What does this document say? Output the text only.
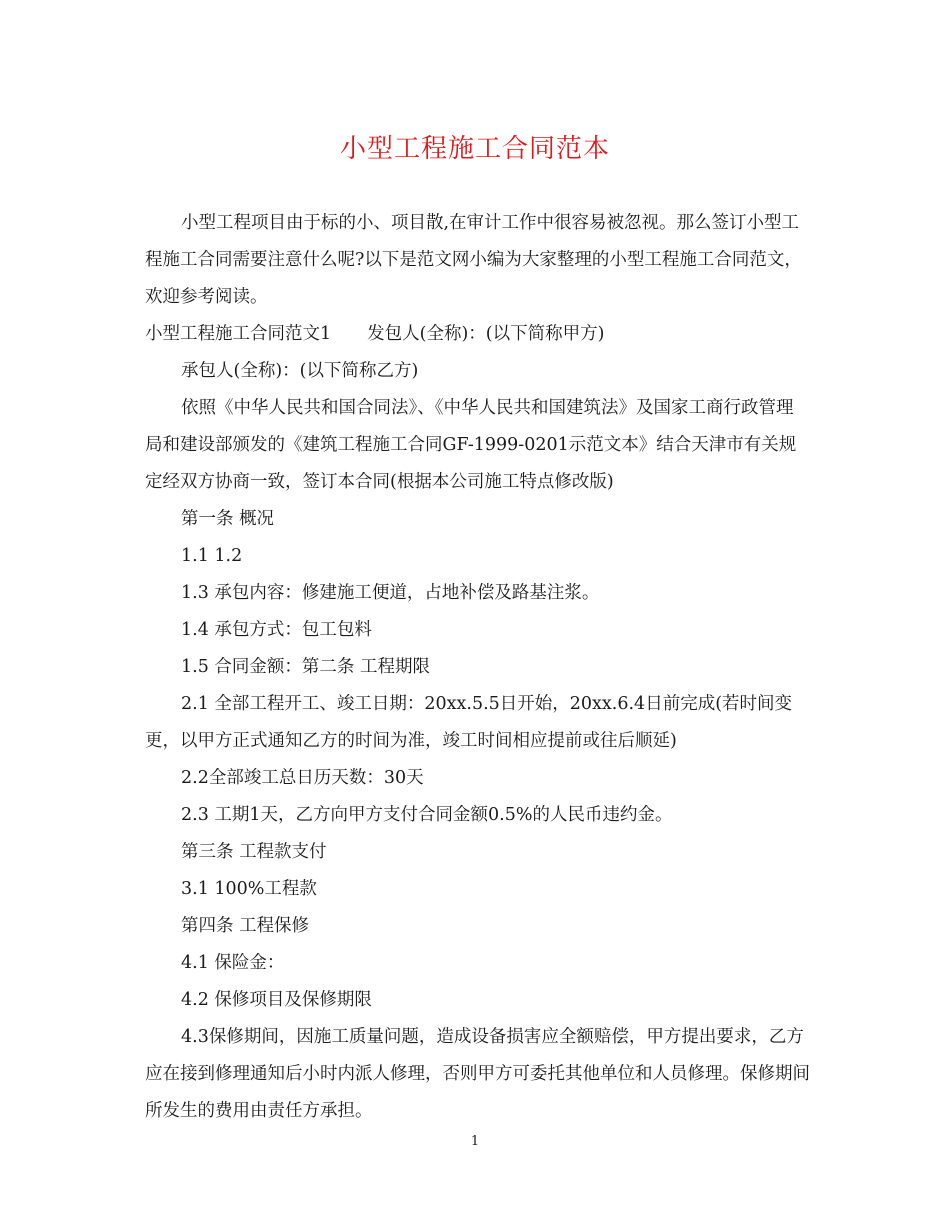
小型工程施工合同范本

小型工程项目由于标的小、项目散,在审计工作中很容易被忽视。那么签订小型工程施工合同需要注意什么呢?以下是范文网小编为大家整理的小型工程施工合同范文，欢迎参考阅读。

小型工程施工合同范文1 发包人(全称)：(以下简称甲方)

承包人(全称)：(以下简称乙方)

依照《中华人民共和国合同法》、《中华人民共和国建筑法》及国家工商行政管理局和建设部颁发的《建筑工程施工合同GF-1999-0201示范文本》结合天津市有关规定经双方协商一致，签订本合同(根据本公司施工特点修改版)

第一条 概况

1.1 1.2

1.3 承包内容：修建施工便道，占地补偿及路基注浆。

1.4 承包方式：包工包料

1.5 合同金额：第二条 工程期限

2.1 全部工程开工、竣工日期：20xx.5.5日开始，20xx.6.4日前完成(若时间变更，以甲方正式通知乙方的时间为准，竣工时间相应提前或往后顺延)

2.2全部竣工总日历天数：30天

2.3 工期1天，乙方向甲方支付合同金额0.5%的人民币违约金。

第三条 工程款支付

3.1 100%工程款

第四条 工程保修

4.1 保险金：

4.2 保修项目及保修期限

4.3保修期间，因施工质量问题，造成设备损害应全额赔偿，甲方提出要求，乙方应在接到修理通知后小时内派人修理，否则甲方可委托其他单位和人员修理。保修期间所发生的费用由责任方承担。

1
